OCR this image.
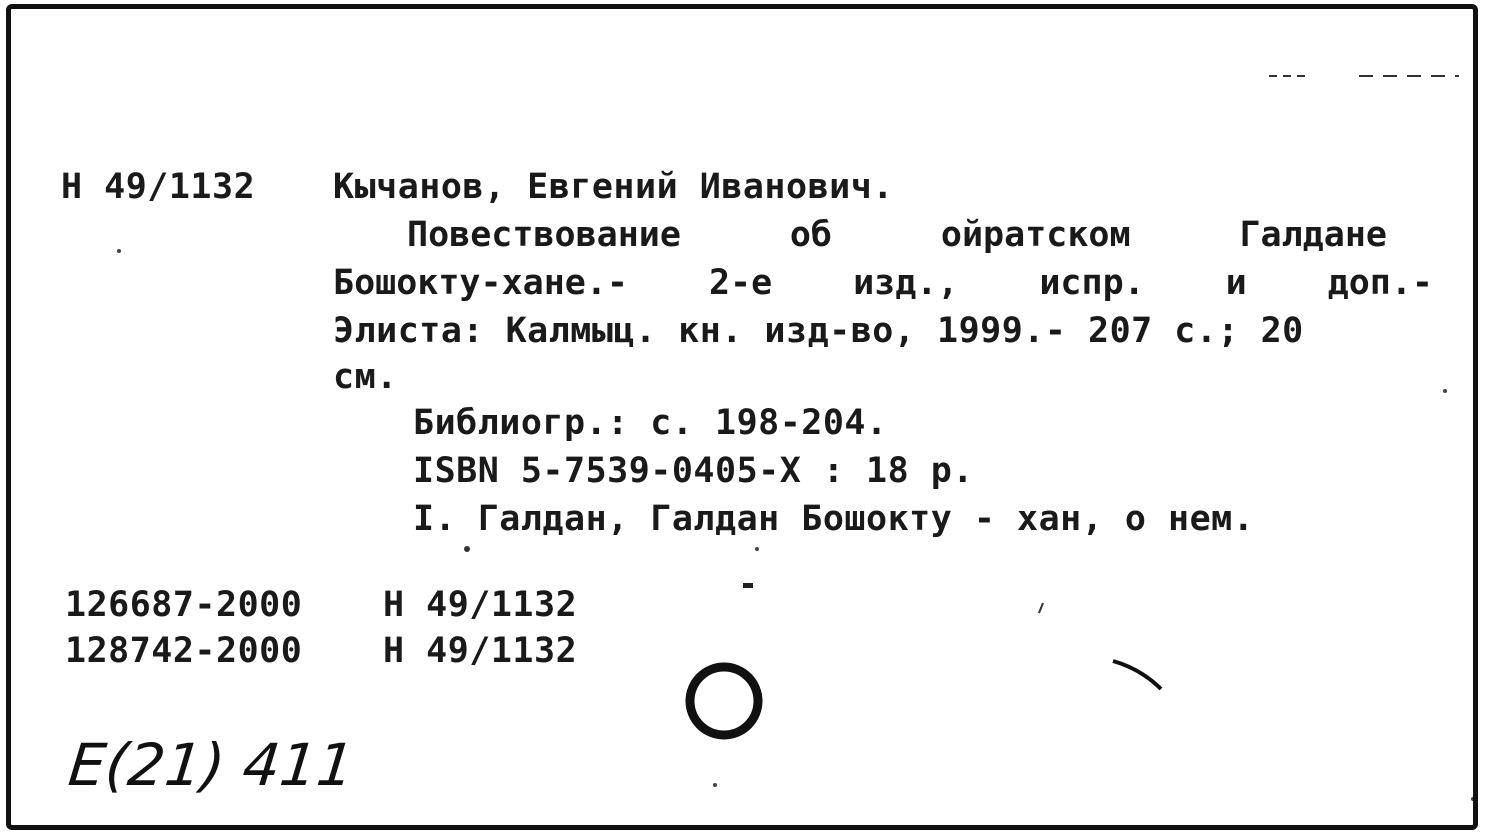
Н 49/1132 Кычанов, Евгений Иванович.
Повествование	об	ойратском	Галдане
Бошокту-хане.- 2-е изд., испр. и доп.-
Элиста: Калмыц. кн. изд-во, 1999.- 207 с.; 20
см.
Библиогр.: с. 198-204.
ISBN 5-7539-0405-X : 18 р.
I. Галдан, Галдан Бошокту - хан, о нем.
126687-2000 Н 49/1132
128742-2000 Н 49/1132
Е(21) 411
